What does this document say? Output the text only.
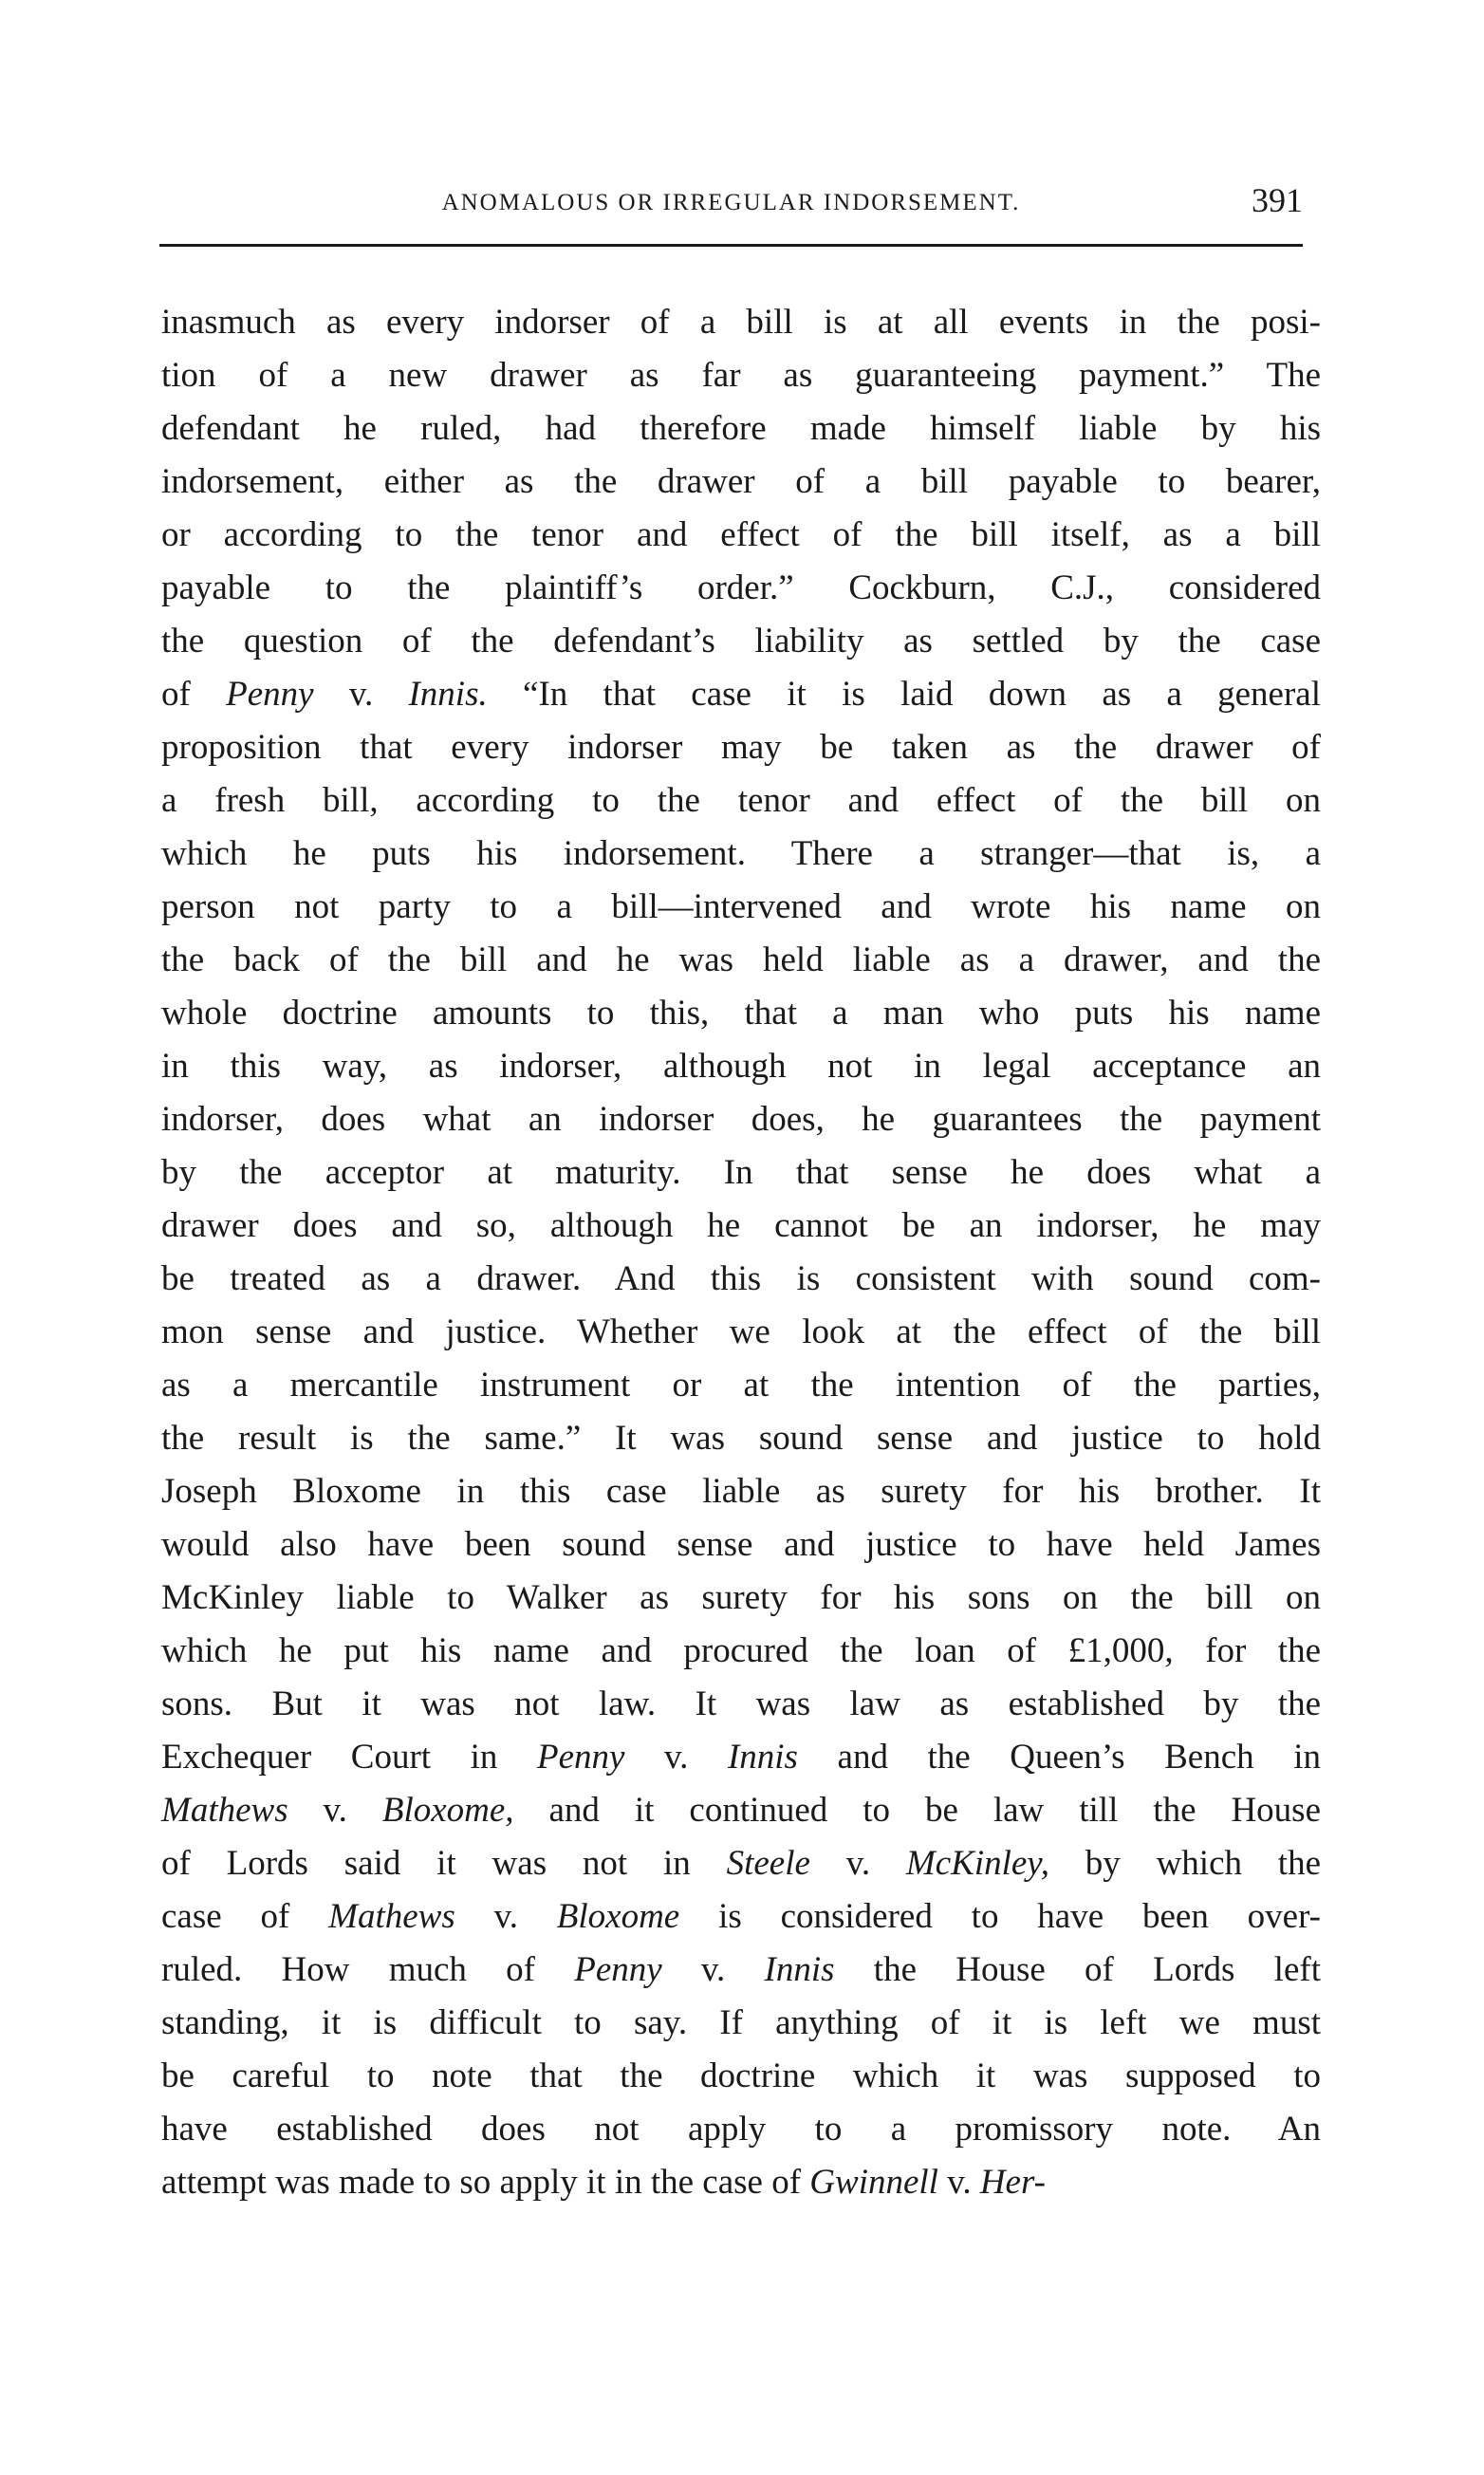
ANOMALOUS OR IRREGULAR INDORSEMENT.	391
inasmuch as every indorser of a bill is at all events in the posi-
tion of a new drawer as far as guaranteeing payment.” The
defendant he ruled, had therefore made himself liable by his
indorsement, either as the drawer of a bill payable to bearer,
or according to the tenor and effect of the bill itself, as a bill
payable to the plaintiff’s order.” Cockburn, C.J., considered
the question of the defendant’s liability as settled by the case
of Penny v. Innis. “In that case it is laid down as a general
proposition that every indorser may be taken as the drawer of
a fresh bill, according to the tenor and effect of the bill on
which he puts his indorsement. There a stranger—that is, a
person not party to a bill—intervened and wrote his name on
the back of the bill and he was held liable as a drawer, and the
whole doctrine amounts to this, that a man who puts his name
in this way, as indorser, although not in legal acceptance an
indorser, does what an indorser does, he guarantees the payment
by the acceptor at maturity. In that sense he does what a
drawer does and so, although he cannot be an indorser, he may
be treated as a drawer. And this is consistent with sound com-
mon sense and justice. Whether we look at the effect of the bill
as a mercantile instrument or at the intention of the parties,
the result is the same.” It was sound sense and justice to hold
Joseph Bloxome in this case liable as surety for his brother. It
would also have been sound sense and justice to have held James
McKinley liable to Walker as surety for his sons on the bill on
which he put his name and procured the loan of £1,000, for the
sons. But it was not law. It was law as established by the
Exchequer Court in Penny v. Innis and the Queen’s Bench in
Mathews v. Bloxome, and it continued to be law till the House
of Lords said it was not in Steele v. McKinley, by which the
case of Mathews v. Bloxome is considered to have been over-
ruled. How much of Penny v. Innis the House of Lords left
standing, it is difficult to say. If anything of it is left we must
be careful to note that the doctrine which it was supposed to
have established does not apply to a promissory note. An
attempt was made to so apply it in the case of Gwinnell v. Her-
